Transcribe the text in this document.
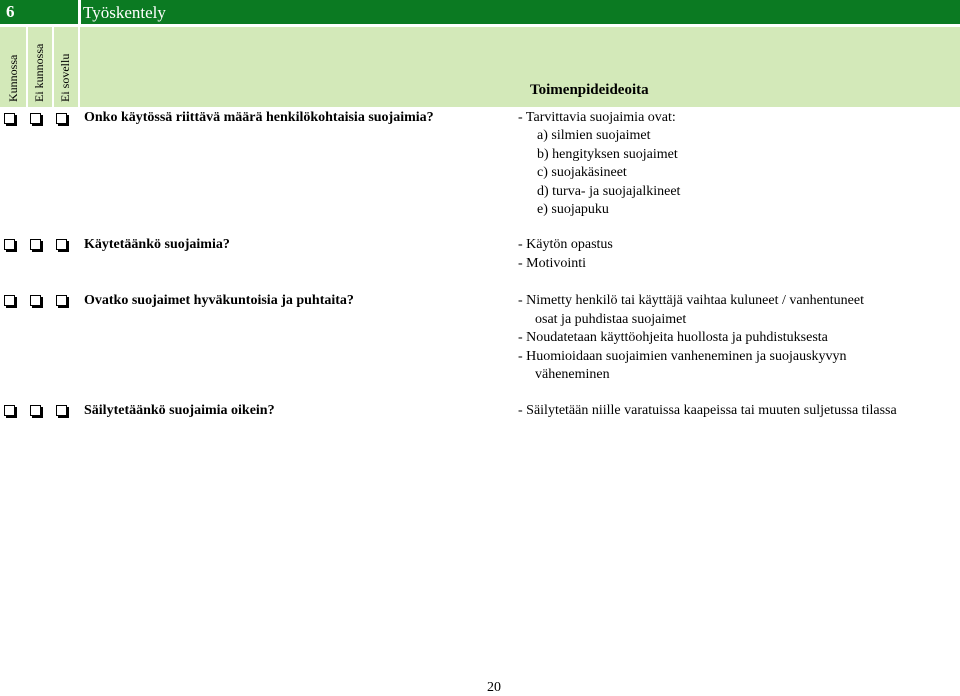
6	Työskentely
Kunnossa Ei kunnossa Ei sovellu	Toimenpideideoita
Onko käytössä riittävä määrä henkilökohtaisia suojaimia?	- Tarvittavia suojaimia ovat:
a) silmien suojaimet
b) hengityksen suojaimet
c) suojakäsineet
d) turva- ja suojajalkineet
e) suojapuku
Käytetäänkö suojaimia?	- Käytön opastus
- Motivointi
Ovatko suojaimet hyväkuntoisia ja puhtaita?	- Nimetty henkilö tai käyttäjä vaihtaa kuluneet / vanhentuneet
osat ja puhdistaa suojaimet
- Noudatetaan käyttöohjeita huollosta ja puhdistuksesta
- Huomioidaan suojaimien vanheneminen ja suojauskyvyn
väheneminen
Säilytetäänkö suojaimia oikein?	- Säilytetään niille varatuissa kaapeissa tai muuten suljetussa tilassa
20
